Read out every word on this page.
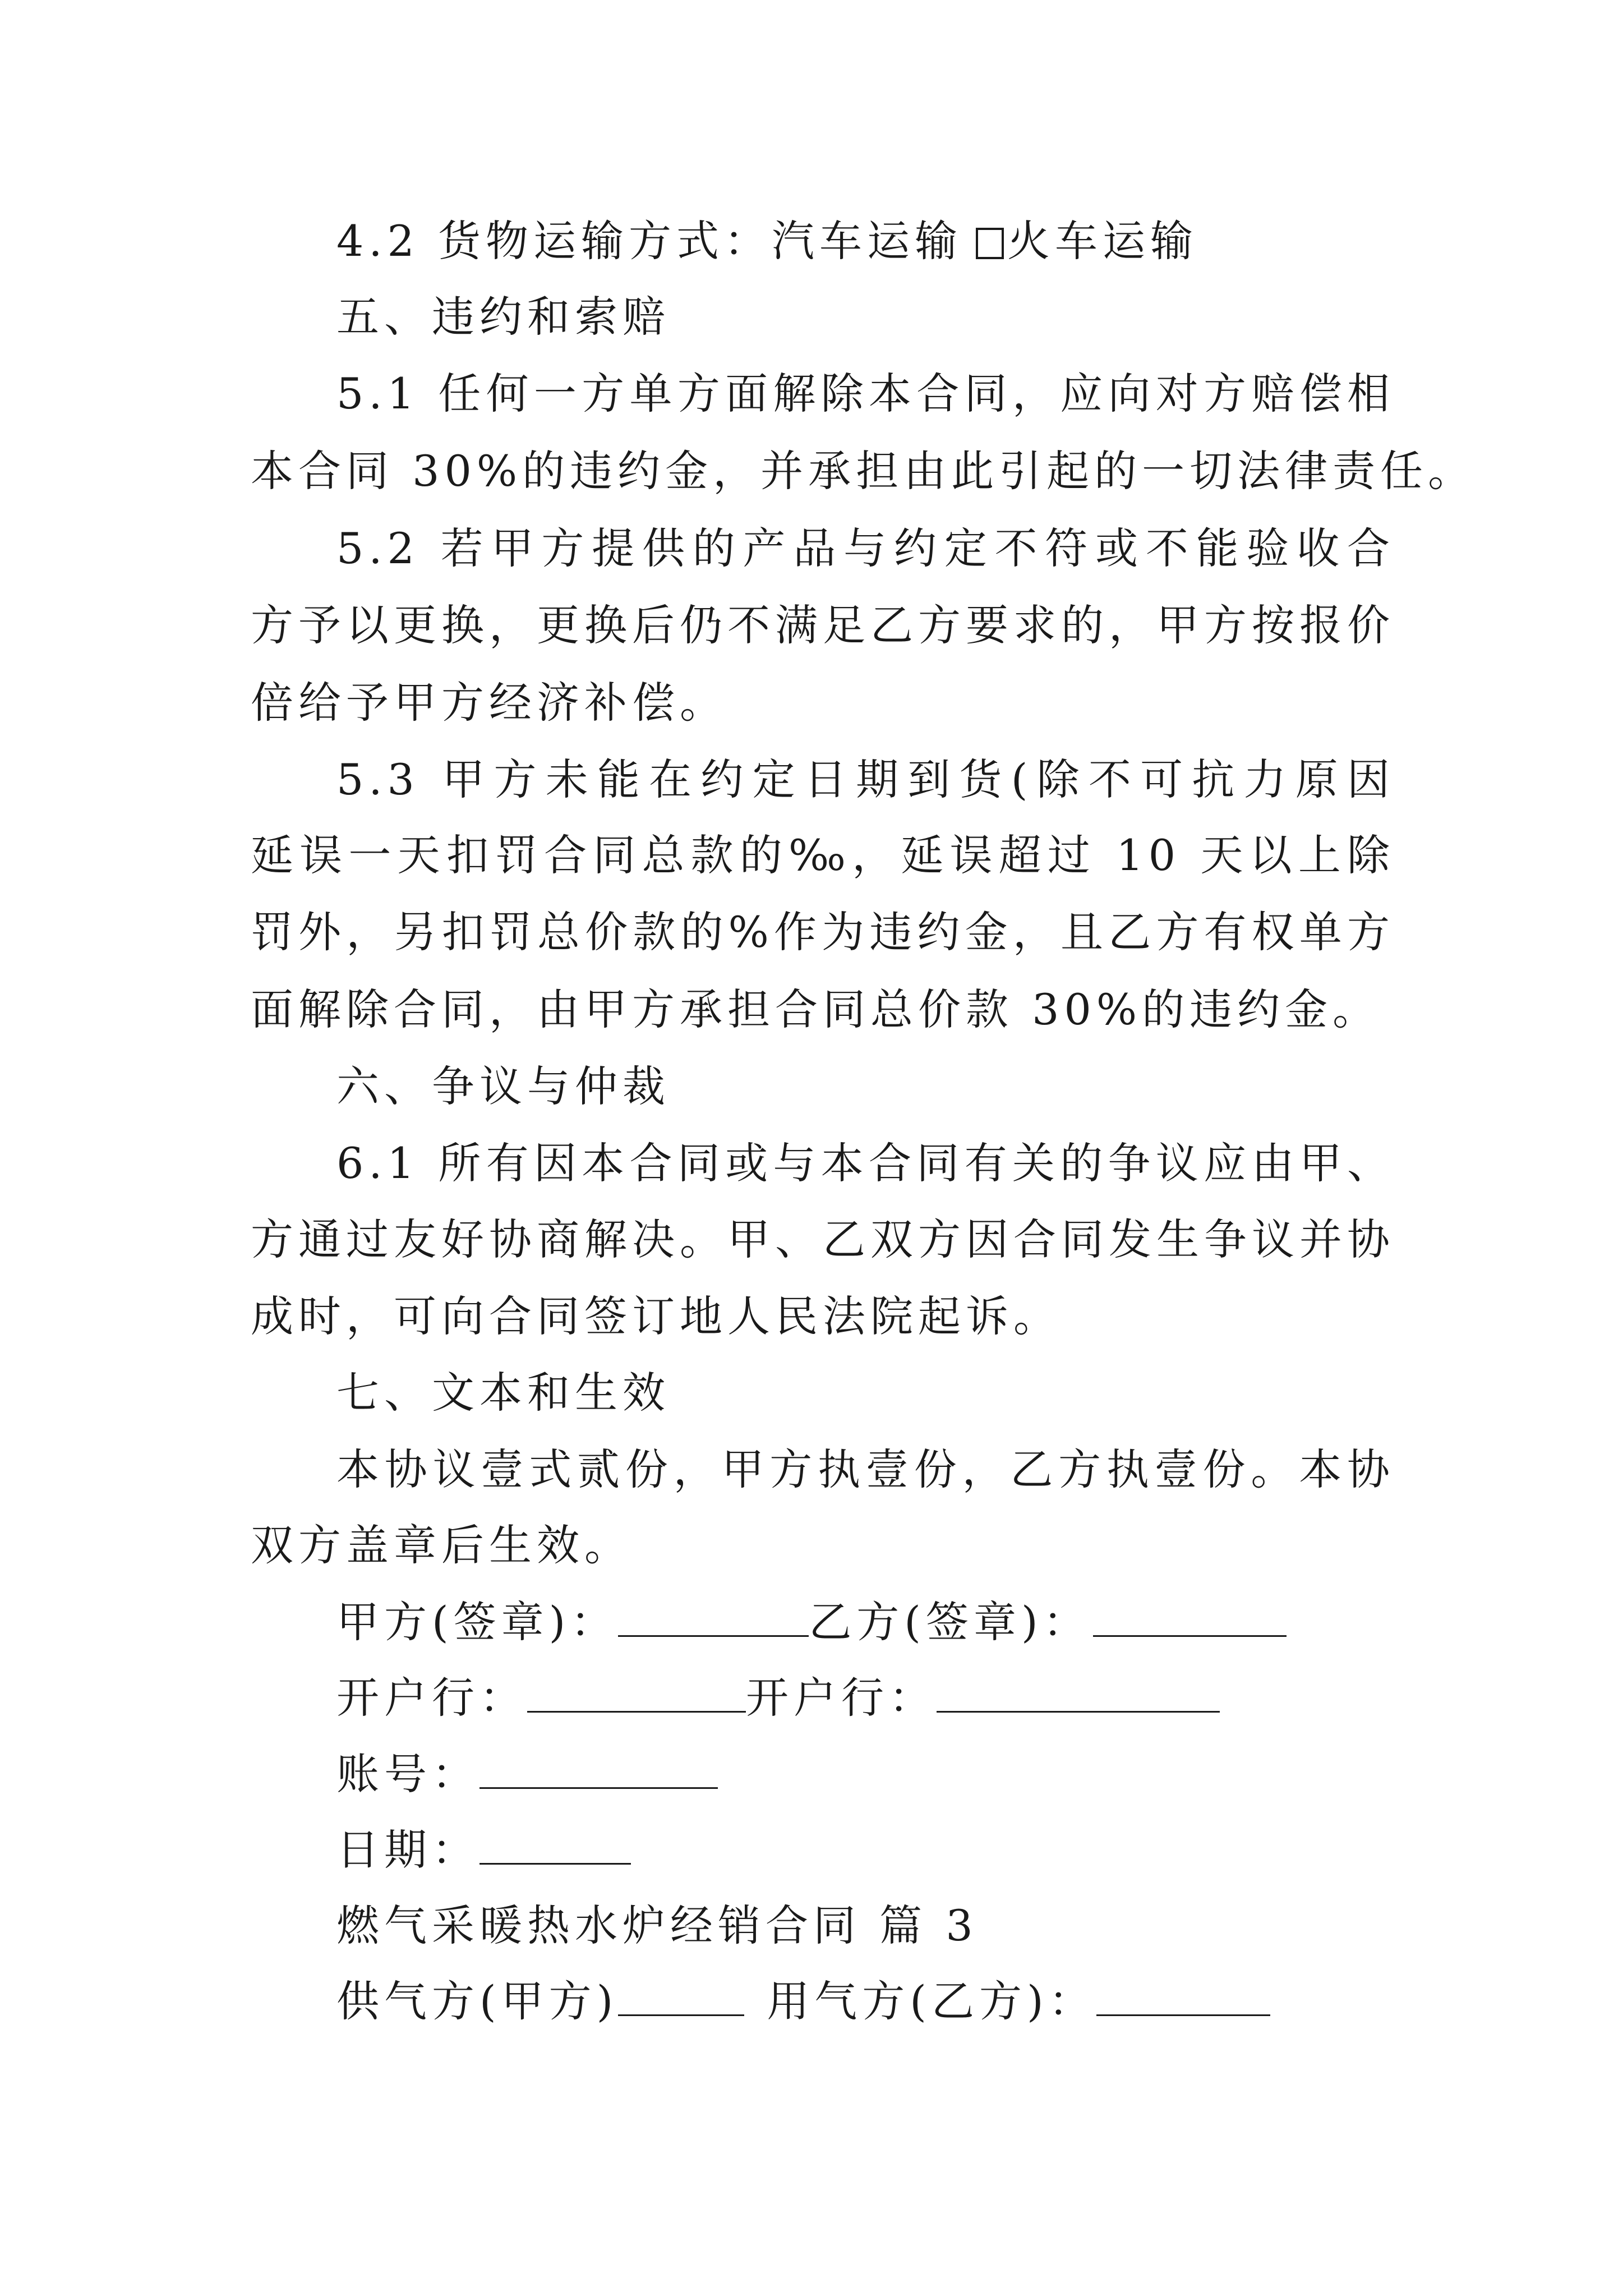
4.2 货物运输方式：汽车运输 火车运输
五、违约和索赔
5.1 任何一方单方面解除本合同，应向对方赔偿相
本合同 30%的违约金，并承担由此引起的一切法律责任。
5.2 若甲方提供的产品与约定不符或不能验收合
方予以更换，更换后仍不满足乙方要求的，甲方按报价
倍给予甲方经济补偿。
5.3 甲方未能在约定日期到货(除不可抗力原因
延误一天扣罚合同总款的‰，延误超过 10 天以上除
罚外，另扣罚总价款的%作为违约金，且乙方有权单方
面解除合同，由甲方承担合同总价款 30%的违约金。
六、争议与仲裁
6.1 所有因本合同或与本合同有关的争议应由甲、
方通过友好协商解决。甲、乙双方因合同发生争议并协
成时，可向合同签订地人民法院起诉。
七、文本和生效
本协议壹式贰份，甲方执壹份，乙方执壹份。本协
双方盖章后生效。
甲方(签章)：	乙方(签章)：
开户行：	开户行：
账号：
日期：
燃气采暖热水炉经销合同 篇 3
供气方(甲方)	用气方(乙方)：
